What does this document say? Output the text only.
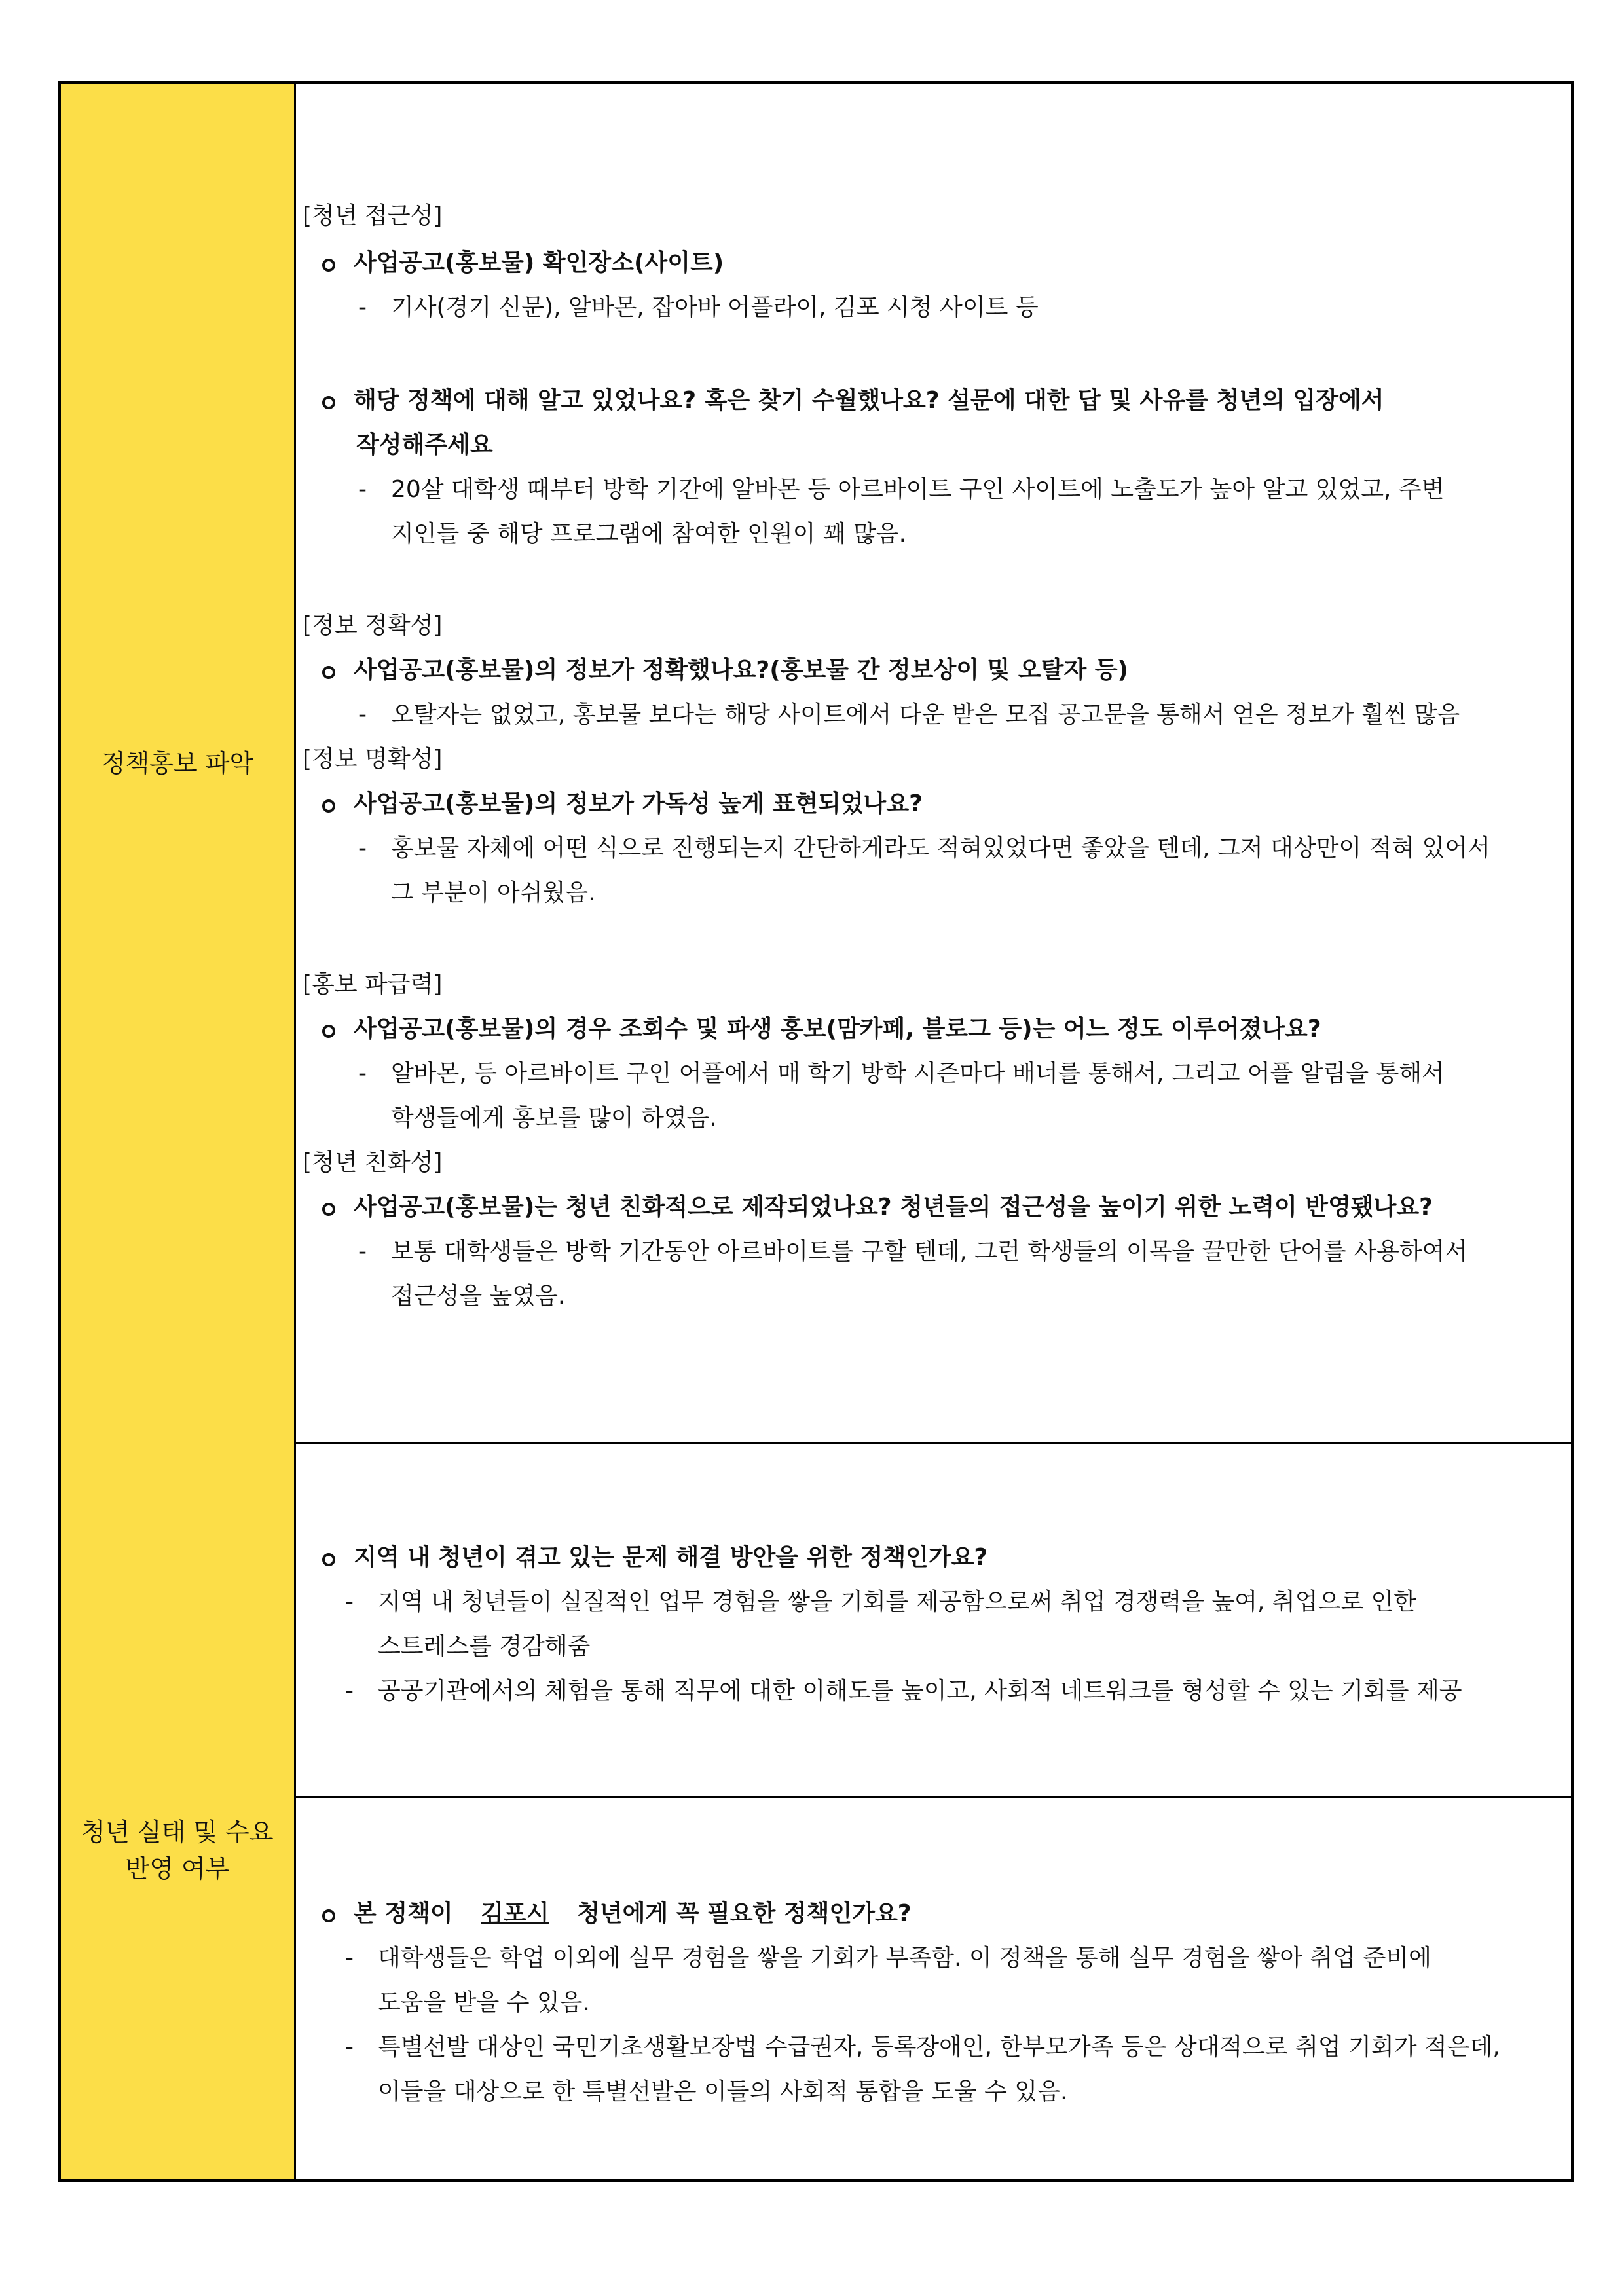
정책홍보 파악
[청년 접근성]
사업공고(홍보물) 확인장소(사이트)
- 기사(경기 신문), 알바몬, 잡아바 어플라이, 김포 시청 사이트 등
해당 정책에 대해 알고 있었나요? 혹은 찾기 수월했나요? 설문에 대한 답 및 사유를 청년의 입장에서
작성해주세요
- 20살 대학생 때부터 방학 기간에 알바몬 등 아르바이트 구인 사이트에 노출도가 높아 알고 있었고, 주변
지인들 중 해당 프로그램에 참여한 인원이 꽤 많음.
[정보 정확성]
사업공고(홍보물)의 정보가 정확했나요?(홍보물 간 정보상이 및 오탈자 등)
- 오탈자는 없었고, 홍보물 보다는 해당 사이트에서 다운 받은 모집 공고문을 통해서 얻은 정보가 훨씬 많음
[정보 명확성]
사업공고(홍보물)의 정보가 가독성 높게 표현되었나요?
- 홍보물 자체에 어떤 식으로 진행되는지 간단하게라도 적혀있었다면 좋았을 텐데, 그저 대상만이 적혀 있어서
그 부분이 아쉬웠음.
[홍보 파급력]
사업공고(홍보물)의 경우 조회수 및 파생 홍보(맘카페, 블로그 등)는 어느 정도 이루어졌나요?
- 알바몬, 등 아르바이트 구인 어플에서 매 학기 방학 시즌마다 배너를 통해서, 그리고 어플 알림을 통해서
학생들에게 홍보를 많이 하였음.
[청년 친화성]
사업공고(홍보물)는 청년 친화적으로 제작되었나요? 청년들의 접근성을 높이기 위한 노력이 반영됐나요?
- 보통 대학생들은 방학 기간동안 아르바이트를 구할 텐데, 그런 학생들의 이목을 끌만한 단어를 사용하여서
접근성을 높였음.
청년 실태 및 수요
반영 여부
지역 내 청년이 겪고 있는 문제 해결 방안을 위한 정책인가요?
- 지역 내 청년들이 실질적인 업무 경험을 쌓을 기회를 제공함으로써 취업 경쟁력을 높여, 취업으로 인한
스트레스를 경감해줌
- 공공기관에서의 체험을 통해 직무에 대한 이해도를 높이고, 사회적 네트워크를 형성할 수 있는 기회를 제공
본 정책이 김포시 청년에게 꼭 필요한 정책인가요?
- 대학생들은 학업 이외에 실무 경험을 쌓을 기회가 부족함. 이 정책을 통해 실무 경험을 쌓아 취업 준비에
도움을 받을 수 있음.
- 특별선발 대상인 국민기초생활보장법 수급권자, 등록장애인, 한부모가족 등은 상대적으로 취업 기회가 적은데,
이들을 대상으로 한 특별선발은 이들의 사회적 통합을 도울 수 있음.
